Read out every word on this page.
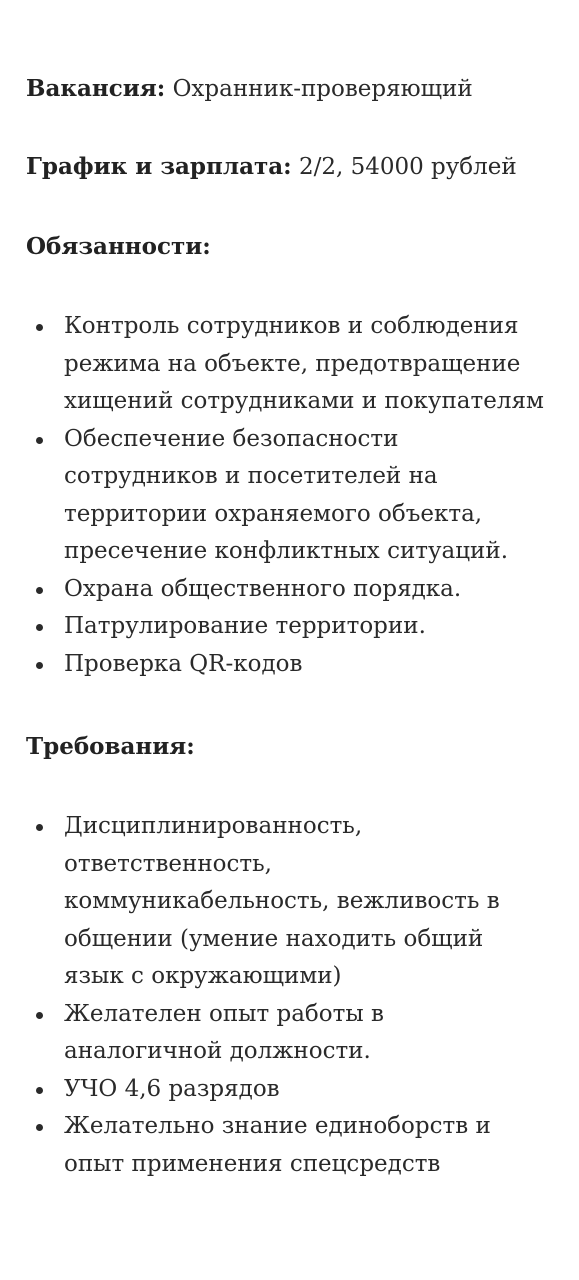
Вакансия: Охранник-проверяющий

График и зарплата: 2/2, 54000 рублей

Обязанности:

Контроль сотрудников и соблюдения
режима на объекте, предотвращение
хищений сотрудниками и покупателям
Обеспечение безопасности
сотрудников и посетителей на
территории охраняемого объекта,
пресечение конфликтных ситуаций.
Охрана общественного порядка.
Патрулирование территории.
Проверка QR-кодов

Требования:

Дисциплинированность,
ответственность,
коммуникабельность, вежливость в
общении (умение находить общий
язык с окружающими)
Желателен опыт работы в
аналогичной должности.
УЧО 4,6 разрядов
Желательно знание единоборств и
опыт применения спецсредств
